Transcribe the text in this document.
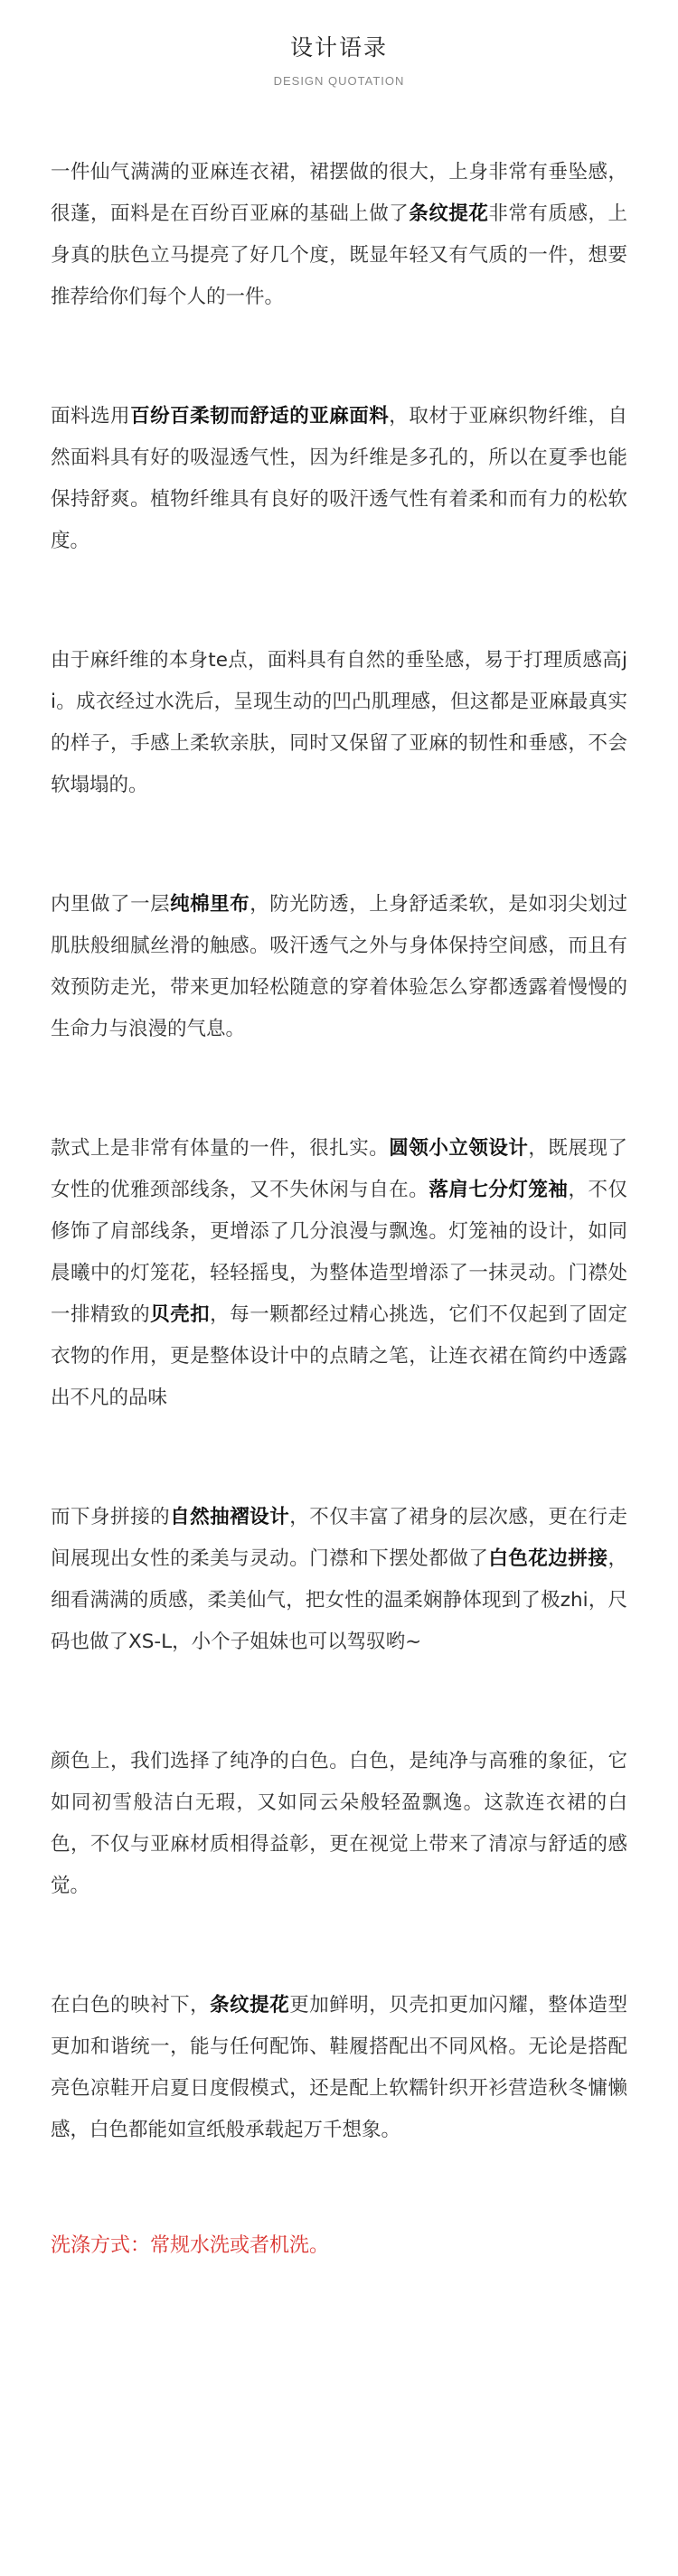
设计语录
DESIGN QUOTATION

一件仙气满满的亚麻连衣裙，裙摆做的很大，上身非常有垂坠感，很蓬，面料是在百纷百亚麻的基础上做了条纹提花非常有质感，上身真的肤色立马提亮了好几个度，既显年轻又有气质的一件，想要推荐给你们每个人的一件。

面料选用百纷百柔韧而舒适的亚麻面料，取材于亚麻织物纤维，自然面料具有好的吸湿透气性，因为纤维是多孔的，所以在夏季也能保持舒爽。植物纤维具有良好的吸汗透气性有着柔和而有力的松软度。

由于麻纤维的本身te点，面料具有自然的垂坠感，易于打理质感高ji。成衣经过水洗后，呈现生动的凹凸肌理感，但这都是亚麻最真实的样子，手感上柔软亲肤，同时又保留了亚麻的韧性和垂感，不会软塌塌的。

内里做了一层纯棉里布，防光防透，上身舒适柔软，是如羽尖划过肌肤般细腻丝滑的触感。吸汗透气之外与身体保持空间感，而且有效预防走光，带来更加轻松随意的穿着体验怎么穿都透露着慢慢的生命力与浪漫的气息。

款式上是非常有体量的一件，很扎实。圆领小立领设计，既展现了女性的优雅颈部线条，又不失休闲与自在。落肩七分灯笼袖，不仅修饰了肩部线条，更增添了几分浪漫与飘逸。灯笼袖的设计，如同晨曦中的灯笼花，轻轻摇曳，为整体造型增添了一抹灵动。门襟处一排精致的贝壳扣，每一颗都经过精心挑选，它们不仅起到了固定衣物的作用，更是整体设计中的点睛之笔，让连衣裙在简约中透露出不凡的品味

而下身拼接的自然抽褶设计，不仅丰富了裙身的层次感，更在行走间展现出女性的柔美与灵动。门襟和下摆处都做了白色花边拼接，细看满满的质感，柔美仙气，把女性的温柔娴静体现到了极zhi，尺码也做了XS-L，小个子姐妹也可以驾驭哟~

颜色上，我们选择了纯净的白色。白色，是纯净与高雅的象征，它如同初雪般洁白无瑕，又如同云朵般轻盈飘逸。这款连衣裙的白色，不仅与亚麻材质相得益彰，更在视觉上带来了清凉与舒适的感觉。

在白色的映衬下，条纹提花更加鲜明，贝壳扣更加闪耀，整体造型更加和谐统一，能与任何配饰、鞋履搭配出不同风格。无论是搭配亮色凉鞋开启夏日度假模式，还是配上软糯针织开衫营造秋冬慵懒感，白色都能如宣纸般承载起万千想象。

洗涤方式：常规水洗或者机洗。
